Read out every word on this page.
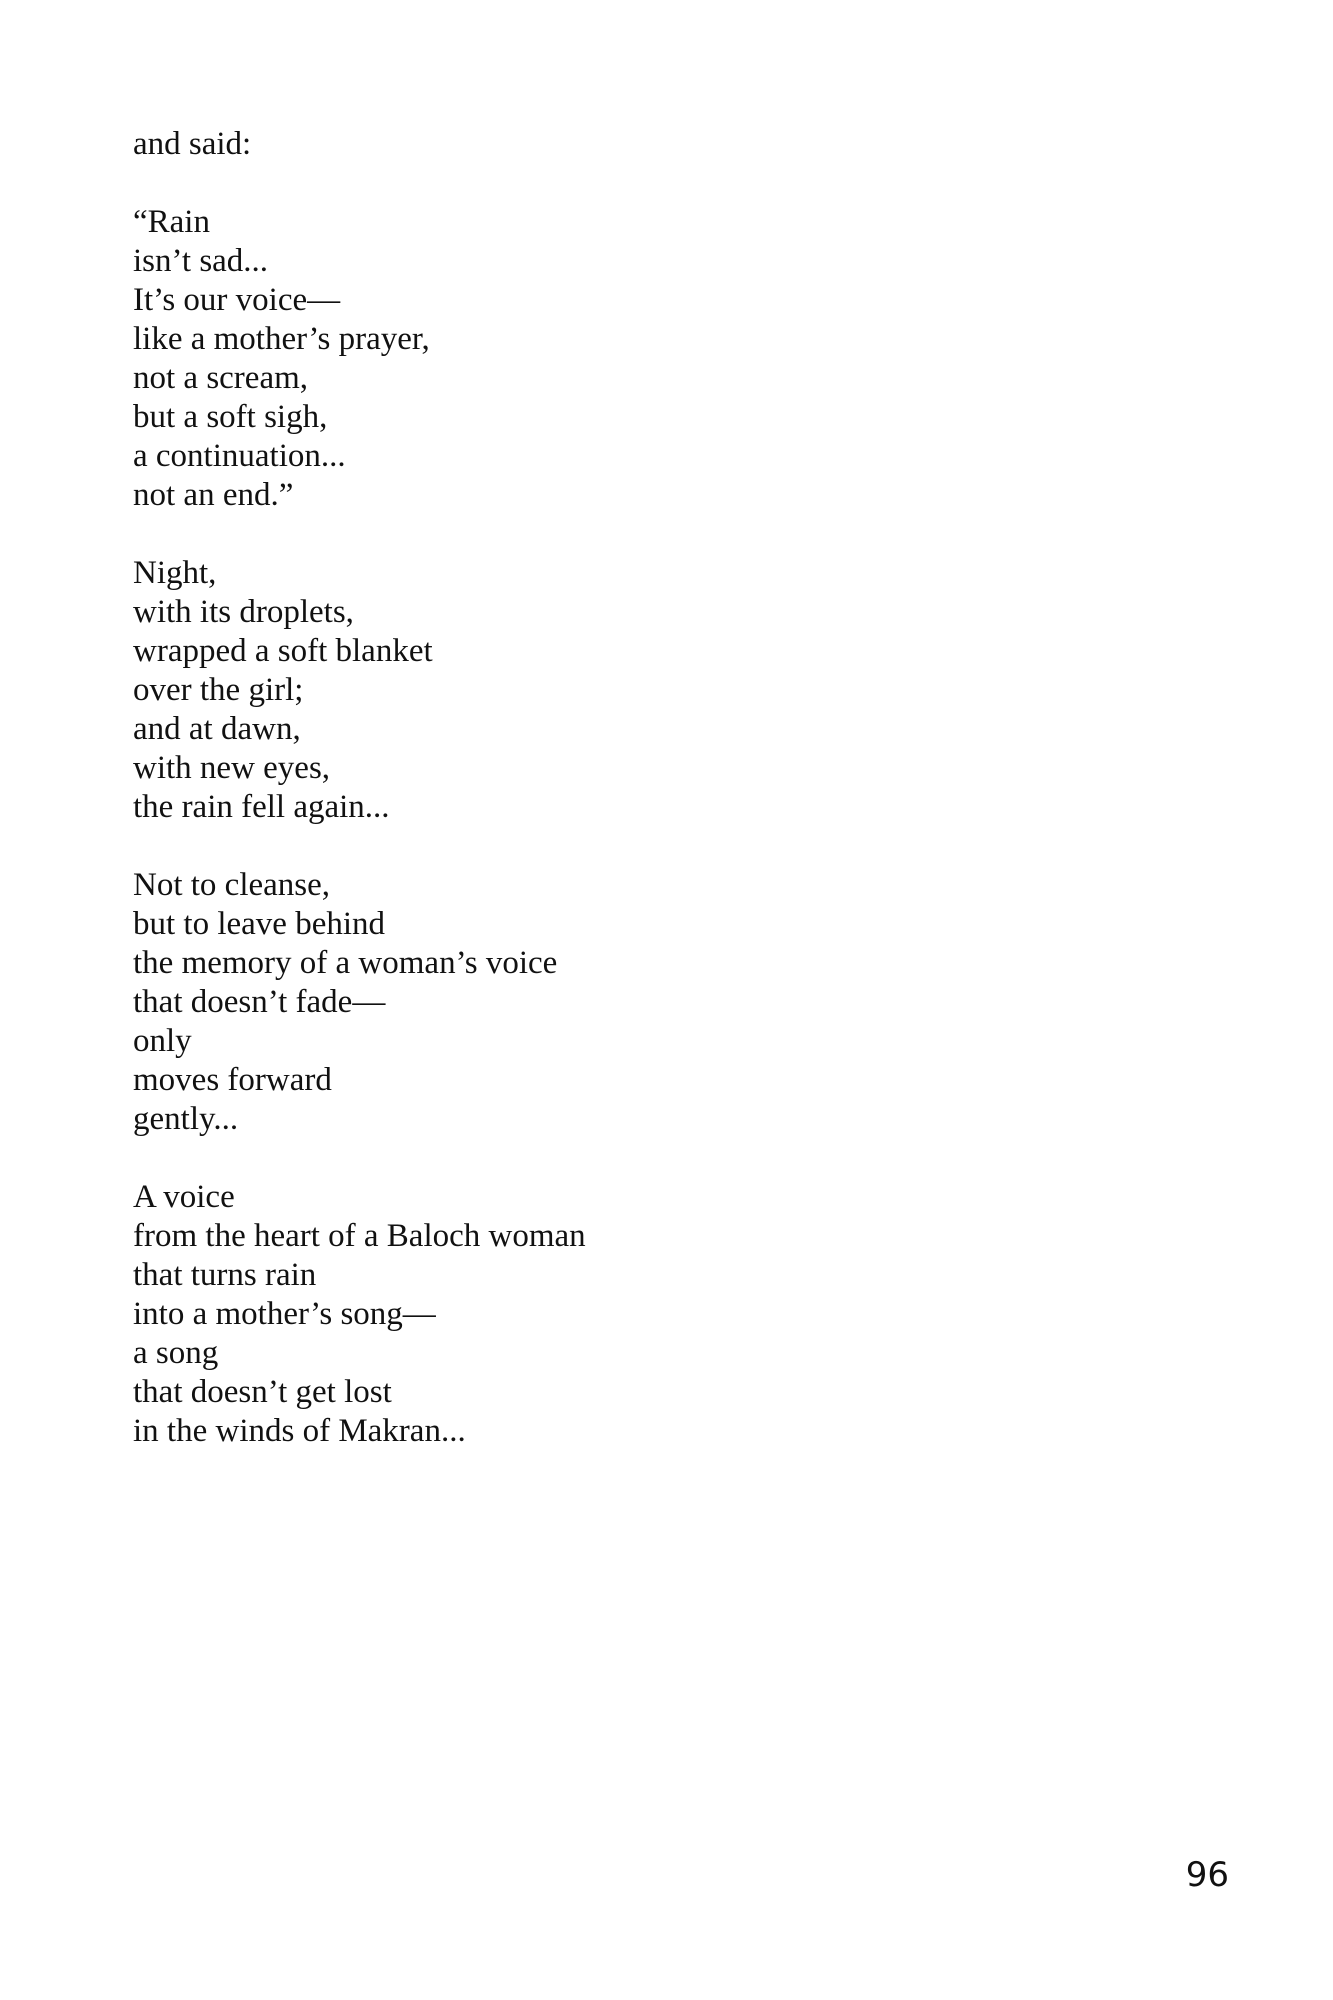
and said:
“Rain
isn’t sad...
It’s our voice—
like a mother’s prayer,
not a scream,
but a soft sigh,
a continuation...
not an end.”
Night,
with its droplets,
wrapped a soft blanket
over the girl;
and at dawn,
with new eyes,
the rain fell again...
Not to cleanse,
but to leave behind
the memory of a woman’s voice
that doesn’t fade—
only
moves forward
gently...
A voice
from the heart of a Baloch woman
that turns rain
into a mother’s song—
a song
that doesn’t get lost
in the winds of Makran...
96
